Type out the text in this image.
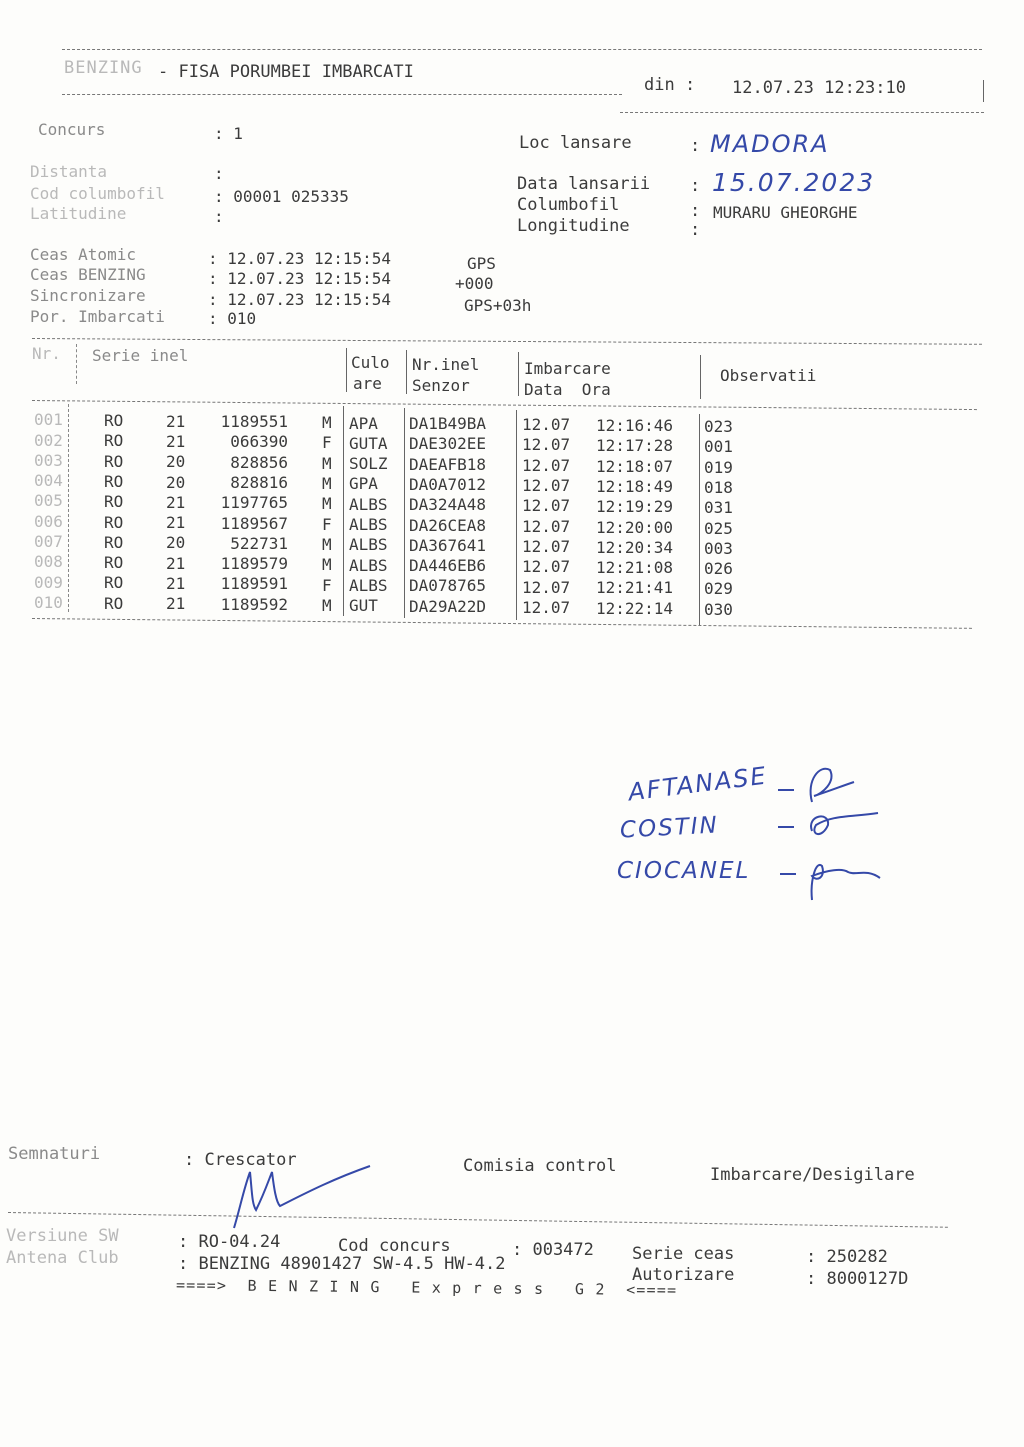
BENZING - FISA PORUMBEI IMBARCATI
din : 12.07.23 12:23:10
Concurs	: 1
Distanta	:
Cod columbofil	: 00001 025335
Latitudine	:
Loc lansare	: MADORA
Data lansarii : 15.07.2023
Columbofil	: MURARU GHEORGHE
Longitudine	:
Ceas Atomic	: 12.07.23 12:15:54	GPS
Ceas BENZING	: 12.07.23 12:15:54	+000
Sincronizare	: 12.07.23 12:15:54	GPS+03h
Por. Imbarcati	: 010
Nr. Serie inel	Culo
are
Nr.inel
Senzor
Imbarcare
Data  Ora
Observatii
001	RO	21 1189551 M APA DA1B49BA 12.07 12:16:46 023
002	RO	21	066390 F GUTA DAE302EE 12.07 12:17:28 001
003	RO	20	828856 M SOLZ DAEAFB18 12.07 12:18:07 019
004	RO	20	828816 M GPA DA0A7012 12.07 12:18:49 018
005	RO	21 1197765 M ALBS DA324A48 12.07 12:19:29 031
006	RO	21 1189567 F ALBS DA26CEA8 12.07 12:20:00 025
007	RO	20	522731 M ALBS DA367641 12.07 12:20:34 003
008	RO	21 1189579 M ALBS DA446EB6 12.07 12:21:08 026
009	RO	21 1189591 F ALBS DA078765 12.07 12:21:41 029
010	RO	21 1189592 M GUT DA29A22D 12.07 12:22:14 030
AFTANASE
COSTIN
CIOCANEL
Semnaturi	: Crescator	Comisia control	Imbarcare/Desigilare
Versiune SW
Antena Club
: RO-04.24
: BENZING 48901427 SW-4.5 HW-4.2
Cod concurs	: 003472 Serie ceas	: 250282
Autorizare	: 8000127D
====>  B E N Z I N G   E x p r e s s   G 2  <====
